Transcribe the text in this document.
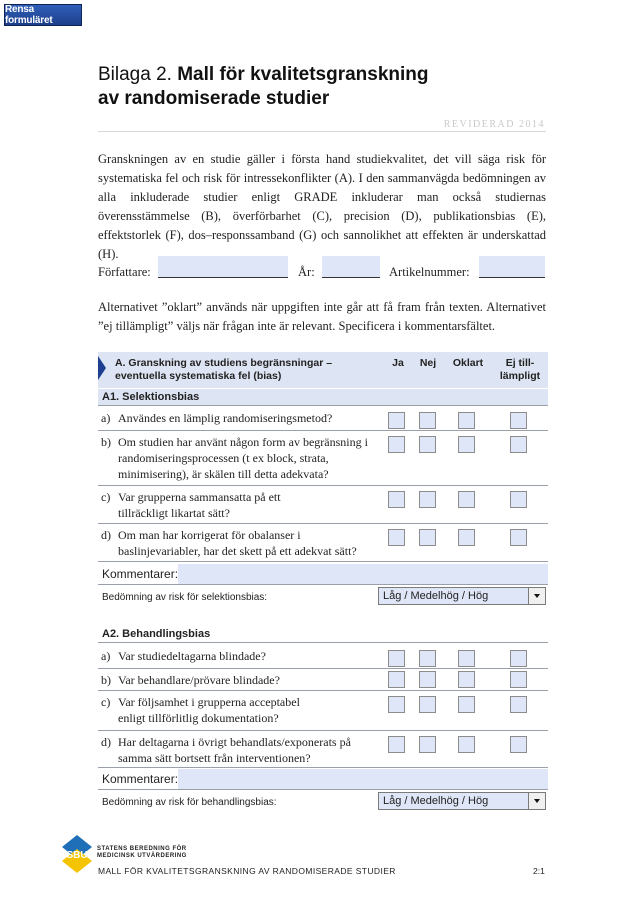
Rensa formuläret
Bilaga 2. Mall för kvalitetsgranskning
av randomiserade studier
REVIDERAD 2014
Granskningen av en studie gäller i första hand studiekvalitet, det vill säga risk för systematiska fel och risk för intressekonflikter (A). I den sammanvägda bedömningen av alla inkluderade studier enligt GRADE inkluderar man också studiernas överensstämmelse (B), överförbarhet (C), precision (D), publikationsbias (E), effektstorlek (F), dos–responssamband (G) och sannolikhet att effekten är underskattad (H).
Författare:	År:	Artikelnummer:
Alternativet ”oklart” används när uppgiften inte går att få fram från texten. Alternativet ”ej tillämpligt” väljs när frågan inte är relevant. Specificera i kommentarsfältet.
A. Granskning av studiens begränsningar –
eventuella systematiska fel (bias)
Ja	Nej	Oklart	Ej till-
lämpligt
A1. Selektionsbias
a) Användes en lämplig randomiseringsmetod?
b) Om studien har använt någon form av begränsning i randomiseringsprocessen (t ex block, strata, minimisering), är skälen till detta adekvata?
c) Var grupperna sammansatta på ett tillräckligt likartat sätt?
d) Om man har korrigerat för obalanser i baslinjevariabler, har det skett på ett adekvat sätt?
Kommentarer:
Bedömning av risk för selektionsbias:	Låg / Medelhög / Hög
A2. Behandlingsbias
a) Var studiedeltagarna blindade?
b) Var behandlare/prövare blindade?
c) Var följsamhet i grupperna acceptabel enligt tillförlitlig dokumentation?
d) Har deltagarna i övrigt behandlats/exponerats på samma sätt bortsett från interventionen?
Kommentarer:
Bedömning av risk för behandlingsbias:	Låg / Medelhög / Hög
SBU
STATENS BEREDNING FÖR
MEDICINSK UTVÄRDERING
MALL FÖR KVALITETSGRANSKNING AV RANDOMISERADE STUDIER	2:1
